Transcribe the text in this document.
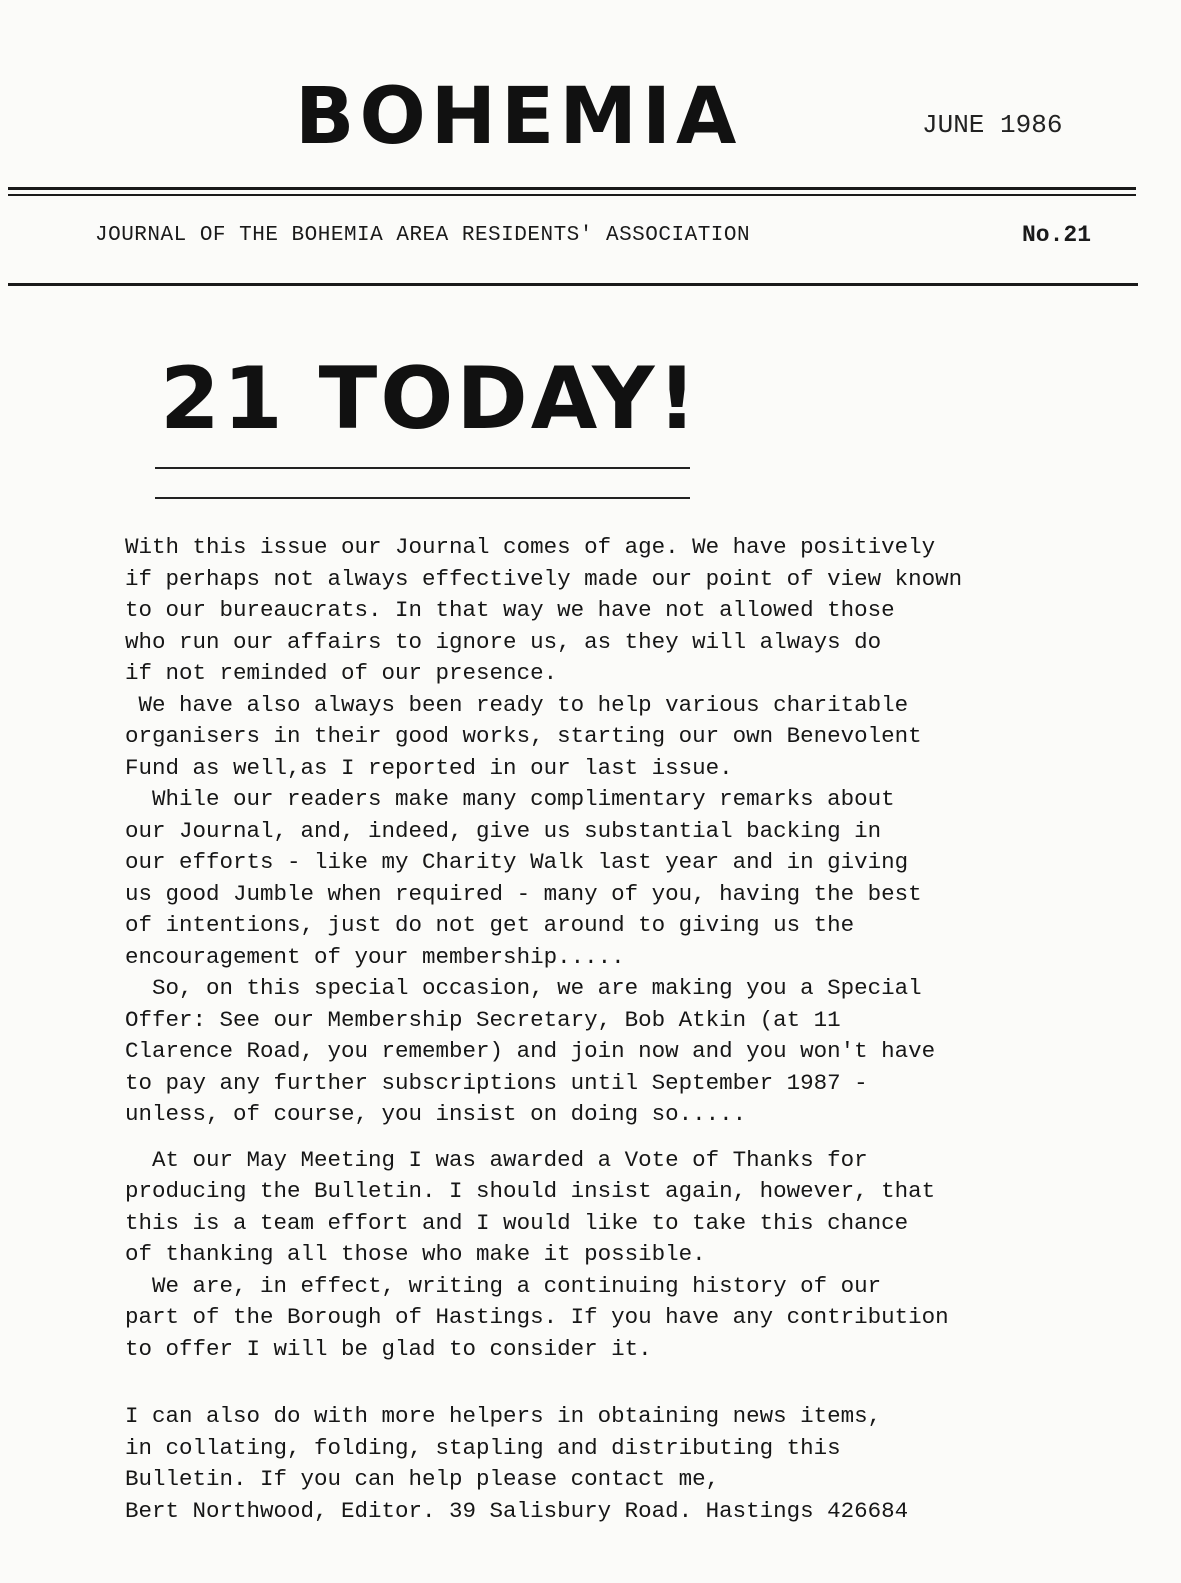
BOHEMIA	JUNE 1986
JOURNAL OF THE BOHEMIA AREA RESIDENTS' ASSOCIATION	No.21
21 TODAY!

With this issue our Journal comes of age. We have positively
if perhaps not always effectively made our point of view known
to our bureaucrats. In that way we have not allowed those
who run our affairs to ignore us, as they will always do
if not reminded of our presence.

We have also always been ready to help various charitable
organisers in their good works, starting our own Benevolent
Fund as well,as I reported in our last issue.

While our readers make many complimentary remarks about
our Journal, and, indeed, give us substantial backing in
our efforts - like my Charity Walk last year and in giving
us good Jumble when required - many of you, having the best
of intentions, just do not get around to giving us the
encouragement of your membership.....

So, on this special occasion, we are making you a Special
Offer: See our Membership Secretary, Bob Atkin (at 11
Clarence Road, you remember) and join now and you won't have
to pay any further subscriptions until September 1987 -
unless, of course, you insist on doing so.....

At our May Meeting I was awarded a Vote of Thanks for
producing the Bulletin. I should insist again, however, that
this is a team effort and I would like to take this chance
of thanking all those who make it possible.

We are, in effect, writing a continuing history of our
part of the Borough of Hastings. If you have any contribution
to offer I will be glad to consider it.

I can also do with more helpers in obtaining news items,
in collating, folding, stapling and distributing this
Bulletin. If you can help please contact me,
Bert Northwood, Editor. 39 Salisbury Road. Hastings 426684
